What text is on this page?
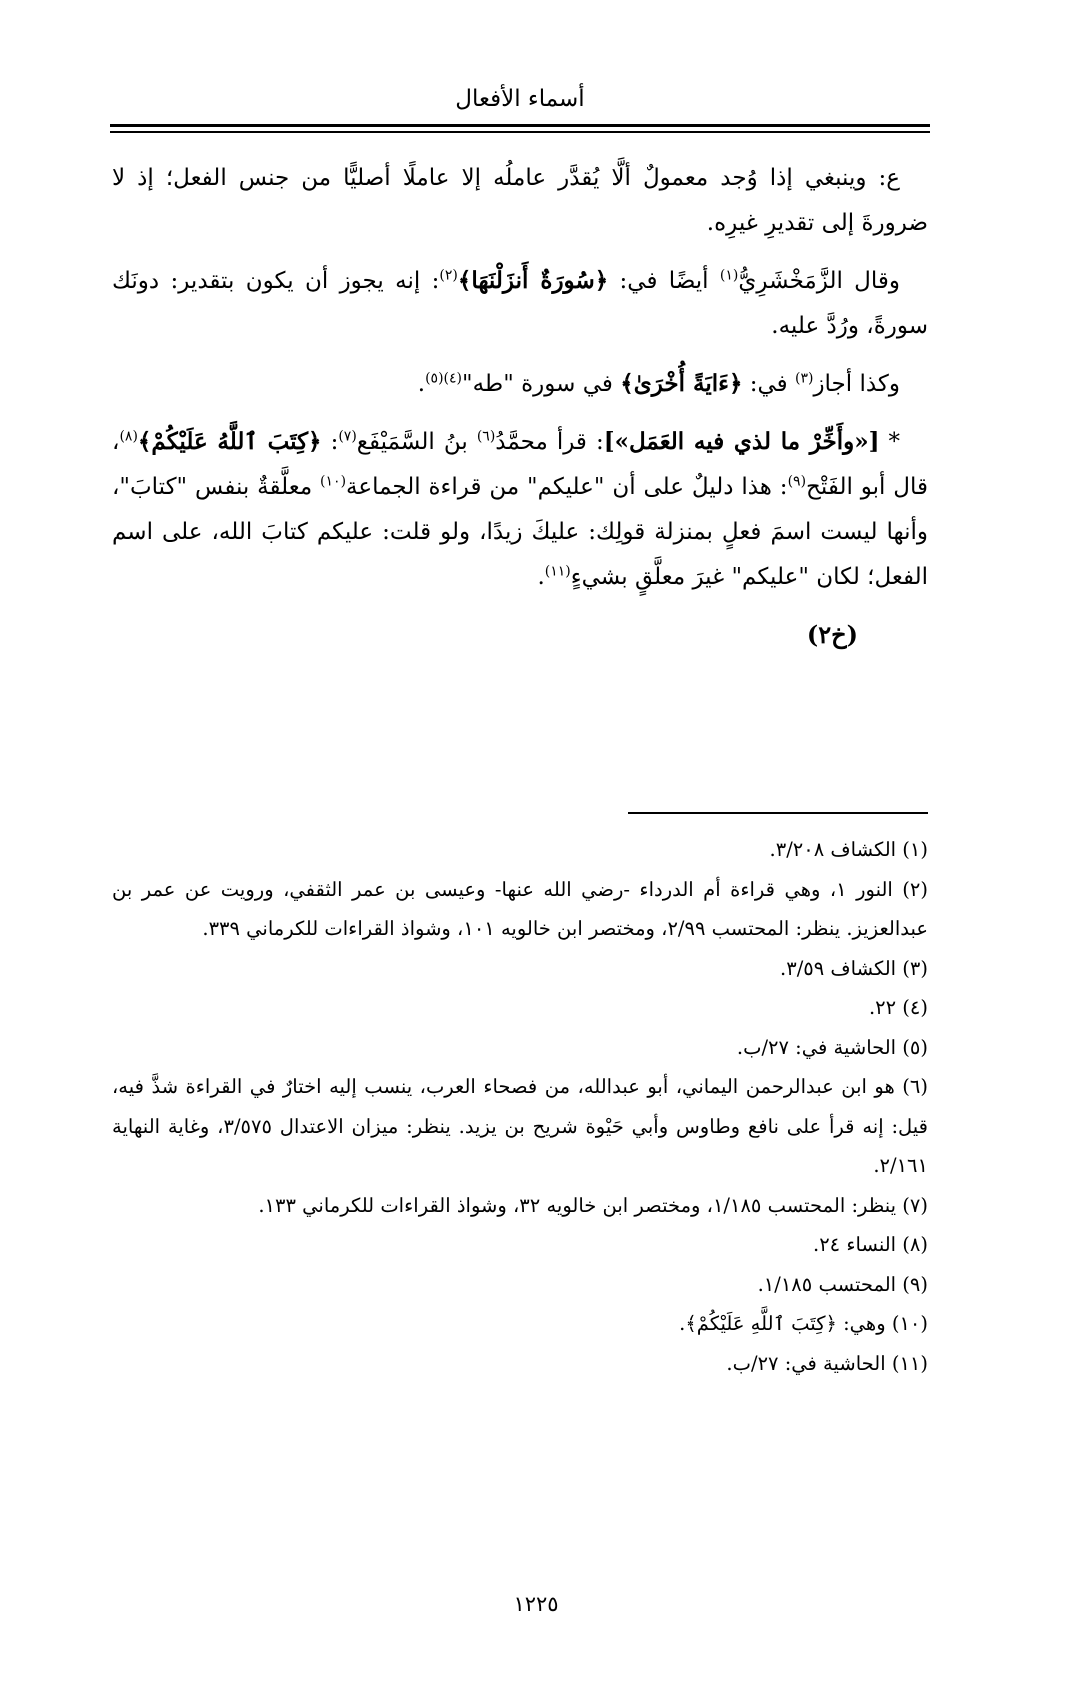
أسماء الأفعال

ع: وينبغي إذا وُجد معمولٌ ألَّا يُقدَّر عاملُه إلا عاملًا أصليًّا من جنس الفعل؛ إذ لا ضرورةَ إلى تقديرِ غيرِه.

وقال الزَّمَخْشَرِيُّ$^{(١)}$ أيضًا في: ﴿سُورَةٌ أَنزَلْنَهَا﴾$^{(٢)}$: إنه يجوز أن يكون بتقدير: دونَك سورةً، ورُدَّ عليه.

وكذا أجاز$^{(٣)}$ في: ﴿ءَايَةً أُخْرَىٰ﴾ في سورة "طه"$^{(٤)(٥)}$.

* [«وأَخِّرْ ما لذي فيه العَمَل»]: قرأ محمَّدُ$^{(٦)}$ بنُ السَّمَيْفَع$^{(٧)}$: ﴿كِتَبَ ٱللَّهُ عَلَيْكُمْ﴾$^{(٨)}$، قال أبو الفَتْح$^{(٩)}$: هذا دليلٌ على أن "عليكم" من قراءة الجماعة$^{(١٠)}$ معلَّقةٌ بنفس "كتابَ"، وأنها ليست اسمَ فعلٍ بمنزلة قولِك: عليكَ زيدًا، ولو قلت: عليكم كتابَ الله، على اسم الفعل؛ لكان "عليكم" غيرَ معلَّقٍ بشيءٍ$^{(١١)}$.

(خ٢)

(١) الكشاف ٣/٢٠٨.

(٢) النور ١، وهي قراءة أم الدرداء -رضي الله عنها- وعيسى بن عمر الثقفي، ورويت عن عمر بن عبدالعزيز. ينظر: المحتسب ٢/٩٩، ومختصر ابن خالويه ١٠١، وشواذ القراءات للكرماني ٣٣٩.

(٣) الكشاف ٣/٥٩.

(٤) ٢٢.

(٥) الحاشية في: ٢٧/ب.

(٦) هو ابن عبدالرحمن اليماني، أبو عبدالله، من فصحاء العرب، ينسب إليه اختارٌ في القراءة شذَّ فيه، قيل: إنه قرأ على نافع وطاوس وأبي حَيْوة شريح بن يزيد. ينظر: ميزان الاعتدال ٣/٥٧٥، وغاية النهاية ٢/١٦١.

(٧) ينظر: المحتسب ١/١٨٥، ومختصر ابن خالويه ٣٢، وشواذ القراءات للكرماني ١٣٣.

(٨) النساء ٢٤.

(٩) المحتسب ١/١٨٥.

(١٠) وهي: ﴿كِتَبَ ٱللَّهِ عَلَيْكُمْ﴾.

(١١) الحاشية في: ٢٧/ب.

١٢٢٥
